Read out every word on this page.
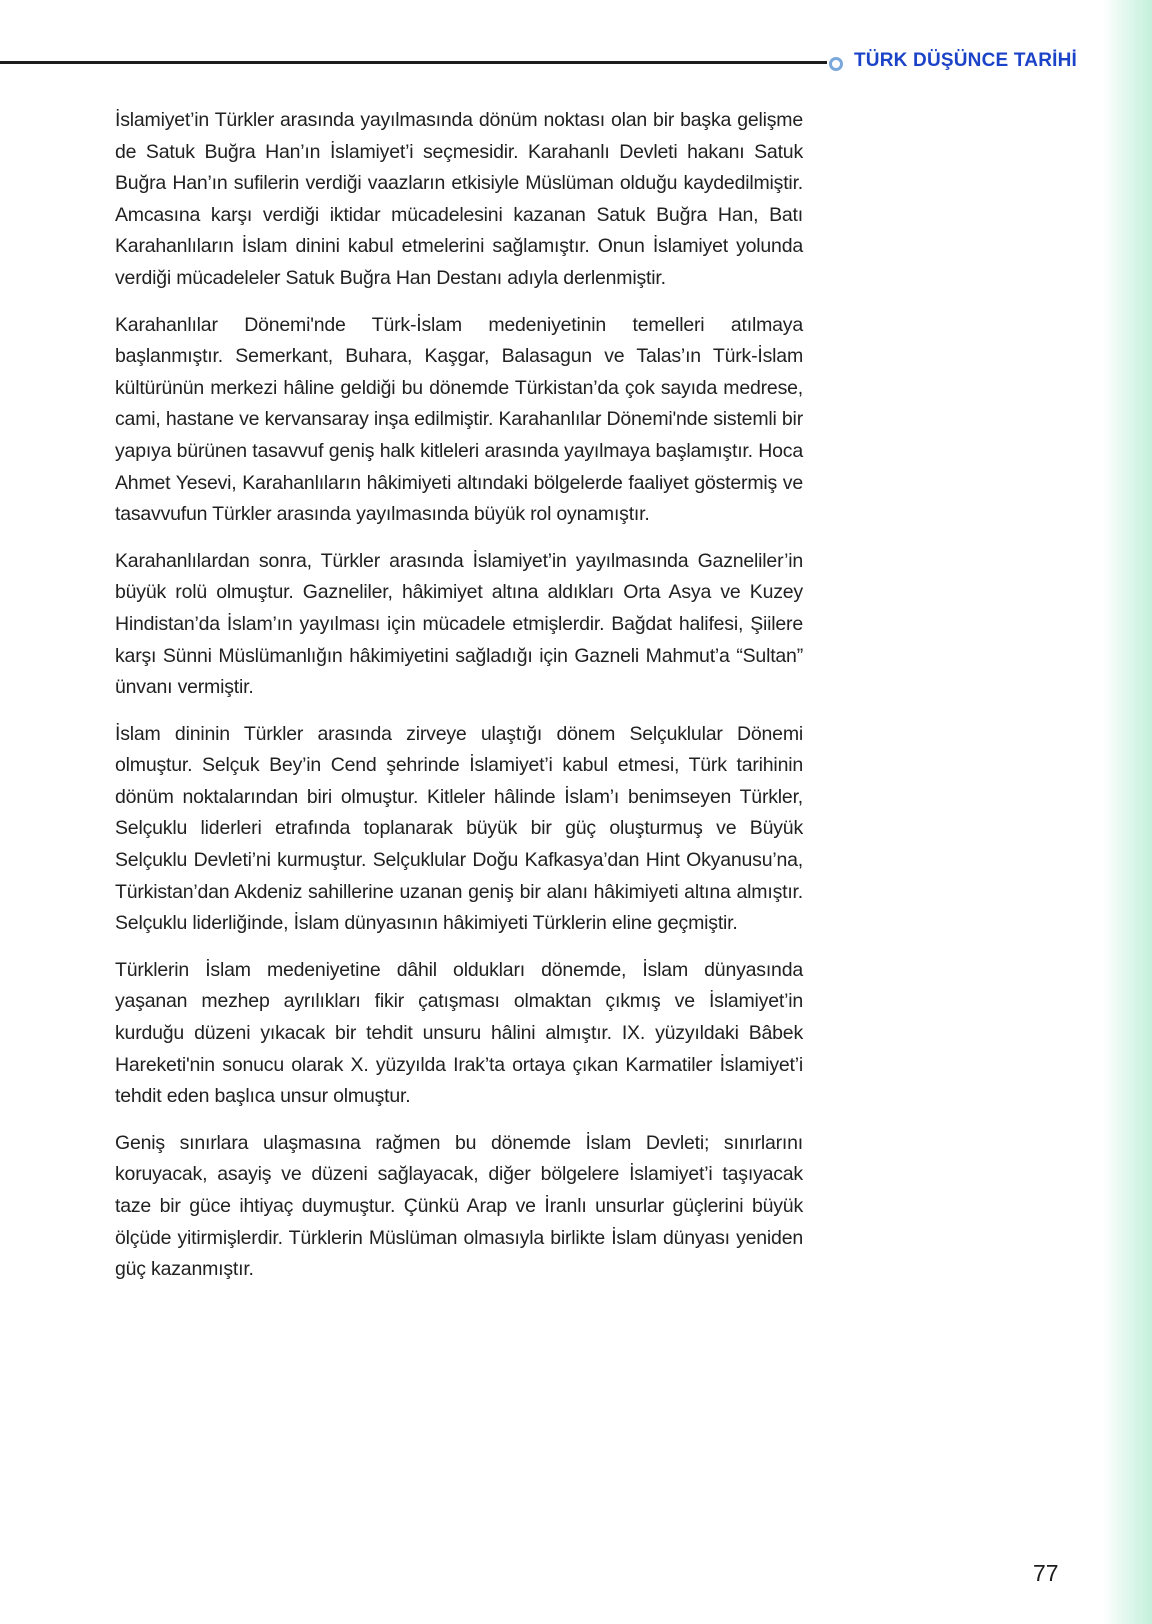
TÜRK DÜŞÜNCE TARİHİ

İslamiyet’in Türkler arasında yayılmasında dönüm noktası olan bir başka gelişme de Satuk Buğra Han’ın İslamiyet’i seçmesidir. Karahanlı Devleti hakanı Satuk Buğra Han’ın sufilerin verdiği vaazların etkisiyle Müslüman olduğu kaydedilmiştir. Amcasına karşı verdiği iktidar mücadelesini kazanan Satuk Buğra Han, Batı Karahanlıların İslam dinini kabul etmelerini sağlamıştır. Onun İslamiyet yolunda verdiği mücadeleler Satuk Buğra Han Destanı adıyla derlenmiştir.

Karahanlılar Dönemi'nde Türk-İslam medeniyetinin temelleri atılmaya başlanmıştır. Semerkant, Buhara, Kaşgar, Balasagun ve Talas’ın Türk-İslam kültürünün merkezi hâline geldiği bu dönemde Türkistan’da çok sayıda medrese, cami, hastane ve kervansaray inşa edilmiştir. Karahanlılar Dönemi'nde sistemli bir yapıya bürünen tasavvuf geniş halk kitleleri arasında yayılmaya başlamıştır. Hoca Ahmet Yesevi, Karahanlıların hâkimiyeti altındaki bölgelerde faaliyet göstermiş ve tasavvufun Türkler arasında yayılmasında büyük rol oynamıştır.

Karahanlılardan sonra, Türkler arasında İslamiyet’in yayılmasında Gazneliler’in büyük rolü olmuştur. Gazneliler, hâkimiyet altına aldıkları Orta Asya ve Kuzey Hindistan’da İslam’ın yayılması için mücadele etmişlerdir. Bağdat halifesi, Şiilere karşı Sünni Müslümanlığın hâkimiyetini sağladığı için Gazneli Mahmut’a “Sultan” ünvanı vermiştir.

İslam dininin Türkler arasında zirveye ulaştığı dönem Selçuklular Dönemi olmuştur. Selçuk Bey’in Cend şehrinde İslamiyet’i kabul etmesi, Türk tarihinin dönüm noktalarından biri olmuştur. Kitleler hâlinde İslam’ı benimseyen Türkler, Selçuklu liderleri etrafında toplanarak büyük bir güç oluşturmuş ve Büyük Selçuklu Devleti’ni kurmuştur. Selçuklular Doğu Kafkasya’dan Hint Okyanusu’na, Türkistan’dan Akdeniz sahillerine uzanan geniş bir alanı hâkimiyeti altına almıştır. Selçuklu liderliğinde, İslam dünyasının hâkimiyeti Türklerin eline geçmiştir.

Türklerin İslam medeniyetine dâhil oldukları dönemde, İslam dünyasında yaşanan mezhep ayrılıkları fikir çatışması olmaktan çıkmış ve İslamiyet’in kurduğu düzeni yıkacak bir tehdit unsuru hâlini almıştır. IX. yüzyıldaki Bâbek Hareketi'nin sonucu olarak X. yüzyılda Irak’ta ortaya çıkan Karmatiler İslamiyet’i tehdit eden başlıca unsur olmuştur.

Geniş sınırlara ulaşmasına rağmen bu dönemde İslam Devleti; sınırlarını koruyacak, asayiş ve düzeni sağlayacak, diğer bölgelere İslamiyet’i taşıyacak taze bir güce ihtiyaç duymuştur. Çünkü Arap ve İranlı unsurlar güçlerini büyük ölçüde yitirmişlerdir. Türklerin Müslüman olmasıyla birlikte İslam dünyası yeniden güç kazanmıştır.

77
